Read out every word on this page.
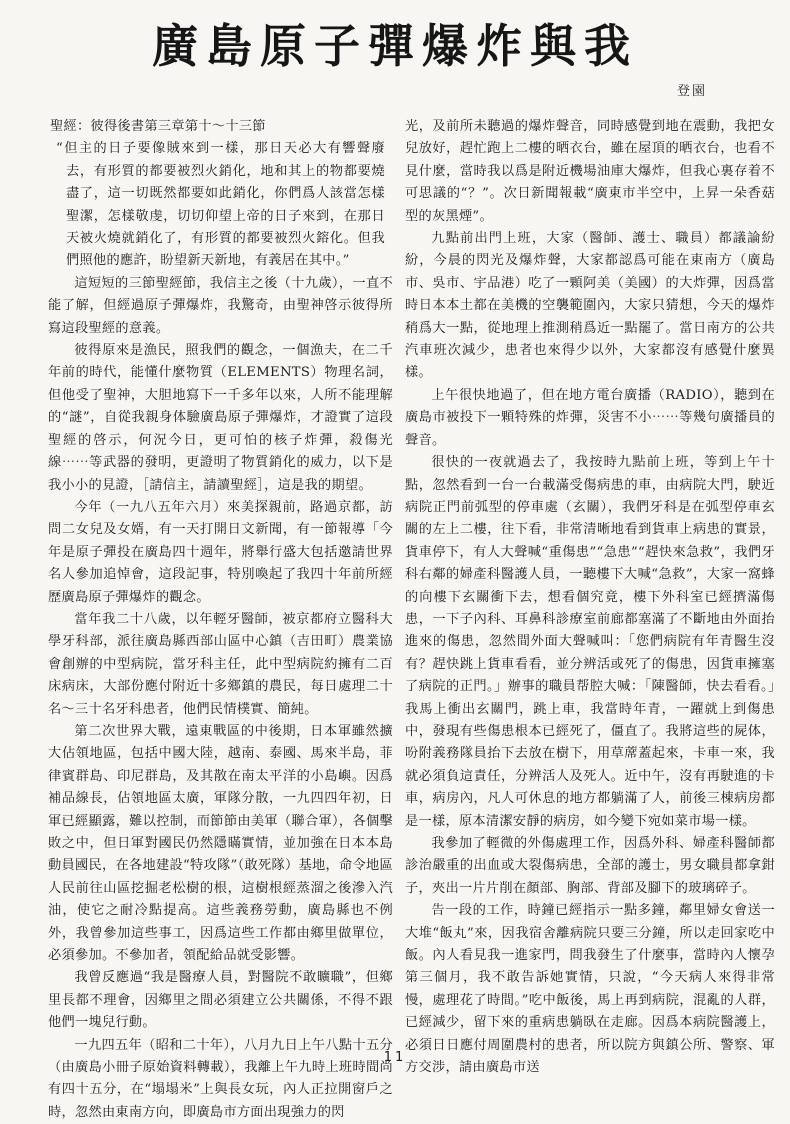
廣島原子彈爆炸與我
登園

聖經：彼得後書第三章第十～十三節

“但主的日子要像賊來到一樣，那日天必大有響聲廢去，有形質的都要被烈火銷化，地和其上的物都要燒盡了，這一切既然都要如此銷化，你們爲人該當怎樣聖潔，怎樣敬虔，切切仰望上帝的日子來到，在那日天被火燒就銷化了，有形質的都要被烈火鎔化。但我們照他的應許，盼望新天新地，有義居在其中。”

這短短的三節聖經節，我信主之後（十九歲），一直不能了解，但經過原子彈爆炸，我驚奇，由聖神啓示彼得所寫這段聖經的意義。

彼得原來是漁民，照我們的觀念，一個漁夫，在二千年前的時代，能懂什麼物質（ELEMENTS）物理名詞，但他受了聖神，大胆地寫下一千多年以來，人所不能理解的“謎”，自從我親身体驗廣島原子彈爆炸，才證實了這段聖經的啓示，何況今日，更可怕的核子炸彈，殺傷光線⋯⋯等武器的發明，更證明了物質銷化的威力，以下是我小小的見證，［請信主，請讀聖經］，這是我的期望。

今年（一九八五年六月）來美探親前，路過京都，訪問二女兒及女婿，有一天打開日文新聞，有一節報導「今年是原子彈投在廣島四十週年，將舉行盛大包括邀請世界名人參加追悼會，這段記事，特別喚起了我四十年前所經歷廣島原子彈爆炸的觀念。

當年我二十八歲，以年輕牙醫師，被京都府立醫科大學牙科部，派往廣島縣西部山區中心鎮（吉田町）農業協會創辦的中型病院，當牙科主任，此中型病院約擁有二百床病床，大部份應付附近十多鄉鎮的農民，每日處理二十名～三十名牙科患者，他們民情樸實、簡純。

第二次世界大戰，遠東戰區的中後期，日本軍雖然擴大佔領地區，包括中國大陸，越南、泰國、馬來半島，菲律賓群島、印尼群島，及其散在南太平洋的小島嶼。因爲補品線長，佔領地區太廣，軍隊分散，一九四四年初，日軍已經顯露，難以控制，而節節由美軍（聯合軍），各個擊敗之中，但日軍對國民仍然隱瞞實情，並加強在日本本島動員國民，在各地建設“特攻隊”（敢死隊）基地，命令地區人民前往山區挖掘老松樹的根，這樹根經蒸溜之後滲入汽油，使它之耐冷點提高。這些義務勞動，廣島縣也不例外，我曾參加這些事工，因爲這些工作都由鄉里做單位，必須參加。不參加者，領配給品就受影響。

我曾反應過“我是醫療人員，對醫院不敢曠職”，但鄉里長都不理會，因鄉里之間必須建立公共關係，不得不跟他們一塊兒行動。

一九四五年（昭和二十年），八月九日上午八點十五分（由廣島小冊子原始資料轉載），我離上午九時上班時間尚有四十五分，在“塌塌米”上與長女玩，內人正拉開窗戶之時，忽然由東南方向，即廣島市方面出現強力的閃

光，及前所未聽過的爆炸聲音，同時感覺到地在震動，我把女兒放好，趕忙跑上二樓的晒衣台，雖在屋頂的晒衣台，也看不見什麼，當時我以爲是附近機場油庫大爆炸，但我心裏存着不可思議的“？”。次日新聞報載“廣東市半空中，上昇一朵香菇型的灰黑煙”。

九點前出門上班，大家（醫師、護士、職員）都議論紛紛，今晨的閃光及爆炸聲，大家都認爲可能在東南方（廣島市、吳市、宇品港）吃了一顆阿美（美國）的大炸彈，因爲當時日本本土都在美機的空襲範圍內，大家只猜想，今天的爆炸稍爲大一點，從地理上推測稍爲近一點罷了。當日南方的公共汽車班次減少，患者也來得少以外，大家都沒有感覺什麼異樣。

上午很快地過了，但在地方電台廣播（RADIO），聽到在廣島市被投下一顆特殊的炸彈，災害不小⋯⋯等幾句廣播員的聲音。

很快的一夜就過去了，我按時九點前上班，等到上午十點，忽然看到一台一台載滿受傷病患的車，由病院大門，駛近病院正門前弧型的停車處（玄關），我們牙科是在弧型停車玄關的左上二樓，往下看，非常清晰地看到貨車上病患的實景，貨車停下，有人大聲喊“重傷患”“急患”“趕快來急救”，我們牙科右鄰的婦產科醫護人員，一聽樓下大喊“急救”，大家一窩蜂的向樓下玄關衝下去，想看個究竟，樓下外科室已經擠滿傷患，一下子內科、耳鼻科診療室前廊都塞滿了不斷地由外面抬進來的傷患，忽然間外面大聲喊叫：「您們病院有年青醫生沒有？趕快跳上貨車看看，並分辨活或死了的傷患，因貨車擁塞了病院的正門。」辦事的職員帮腔大喊：「陳醫師，快去看看。」我馬上衝出玄關門，跳上車，我當時年青，一躍就上到傷患中，發現有些傷患根本已經死了，僵直了。我將這些的屍体，吩附義務隊員抬下去放在樹下，用草蓆蓋起來，卡車一來，我就必須負這責任，分辨活人及死人。近中午，沒有再駛進的卡車，病房內，凡人可休息的地方都躺滿了人，前後三棟病房都是一樣，原本清潔安靜的病房，如今變下宛如菜市場一樣。

我參加了輕微的外傷處理工作，因爲外科、婦產科醫師都診治嚴重的出血或大裂傷病患，全部的護士，男女職員都拿鉗子，夾出一片片削在顏部、胸部、背部及腳下的玻璃碎子。

告一段的工作，時鐘已經指示一點多鐘，鄰里婦女會送一大堆“飯丸”來，因我宿舍離病院只要三分鐘，所以走回家吃中飯。內人看見我一進家門，問我發生了什麼事，當時內人懷孕第三個月，我不敢告訴她實情，只說，“今天病人來得非常慢，處理花了時間。”吃中飯後，馬上再到病院，混亂的人群，已經減少，留下來的重病患躺臥在走廊。因爲本病院醫護上，必須日日應付周圍農村的患者，所以院方與鎮公所、警察、軍方交涉，請由廣島市送

11
